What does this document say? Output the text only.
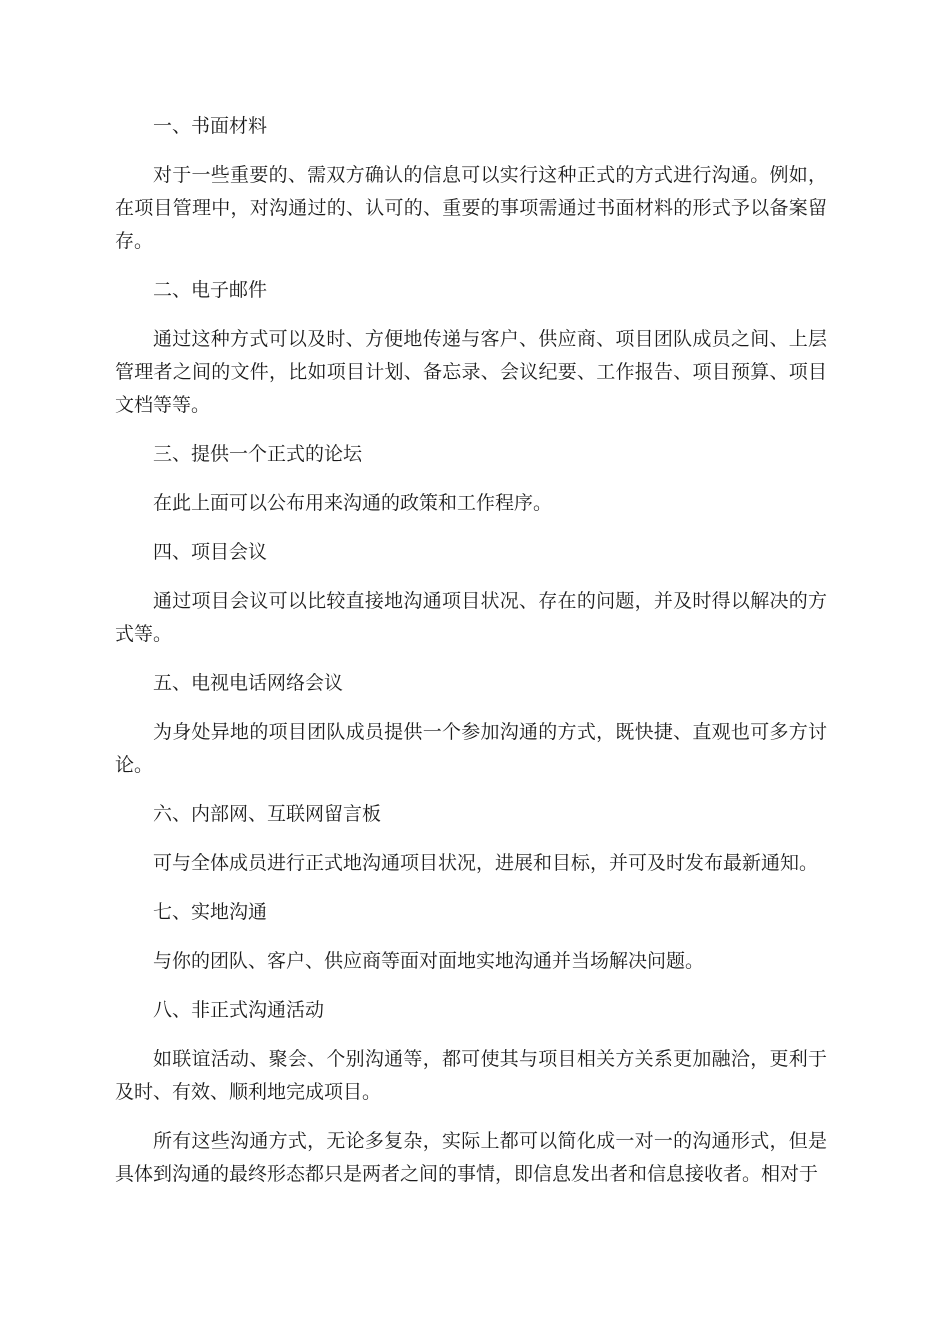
一、书面材料

对于一些重要的、需双方确认的信息可以实行这种正式的方式进行沟通。例如，在项目管理中，对沟通过的、认可的、重要的事项需通过书面材料的形式予以备案留存。

二、电子邮件

通过这种方式可以及时、方便地传递与客户、供应商、项目团队成员之间、上层管理者之间的文件，比如项目计划、备忘录、会议纪要、工作报告、项目预算、项目文档等等。

三、提供一个正式的论坛

在此上面可以公布用来沟通的政策和工作程序。

四、项目会议

通过项目会议可以比较直接地沟通项目状况、存在的问题，并及时得以解决的方式等。

五、电视电话网络会议

为身处异地的项目团队成员提供一个参加沟通的方式，既快捷、直观也可多方讨论。

六、内部网、互联网留言板

可与全体成员进行正式地沟通项目状况，进展和目标，并可及时发布最新通知。

七、实地沟通

与你的团队、客户、供应商等面对面地实地沟通并当场解决问题。

八、非正式沟通活动

如联谊活动、聚会、个别沟通等，都可使其与项目相关方关系更加融洽，更利于及时、有效、顺利地完成项目。

所有这些沟通方式，无论多复杂，实际上都可以简化成一对一的沟通形式，但是具体到沟通的最终形态都只是两者之间的事情，即信息发出者和信息接收者。相对于
